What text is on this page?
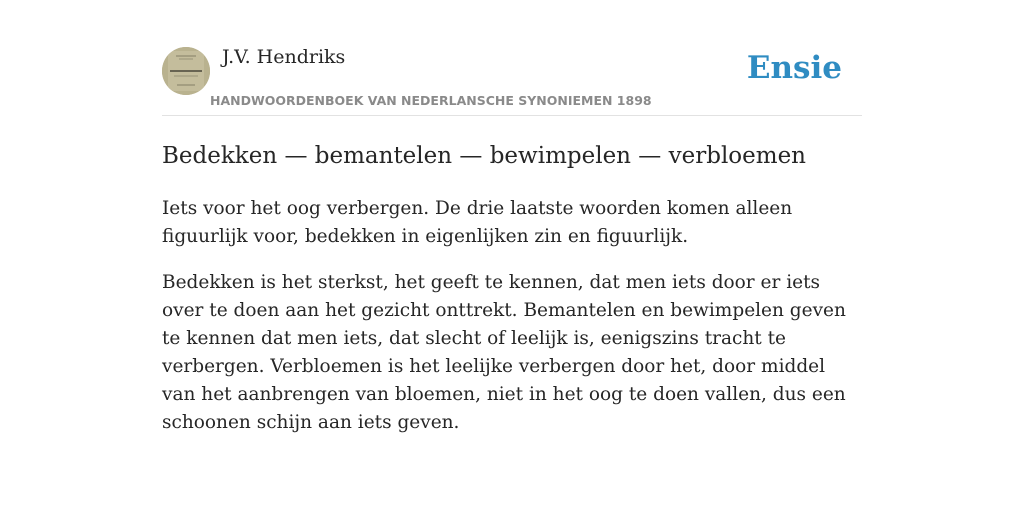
J.V. Hendriks
HANDWOORDENBOEK VAN NEDERLANSCHE SYNONIEMEN 1898
Ensie
Bedekken — bemantelen — bewimpelen — verbloemen

Iets voor het oog verbergen. De drie laatste woorden komen alleen figuurlijk voor, bedekken in eigenlijken zin en figuurlijk.

Bedekken is het sterkst, het geeft te kennen, dat men iets door er iets over te doen aan het gezicht onttrekt. Bemantelen en bewimpelen geven te kennen dat men iets, dat slecht of leelijk is, eenigszins tracht te verbergen. Verbloemen is het leelijke verbergen door het, door middel van het aanbrengen van bloemen, niet in het oog te doen vallen, dus een schoonen schijn aan iets geven.
